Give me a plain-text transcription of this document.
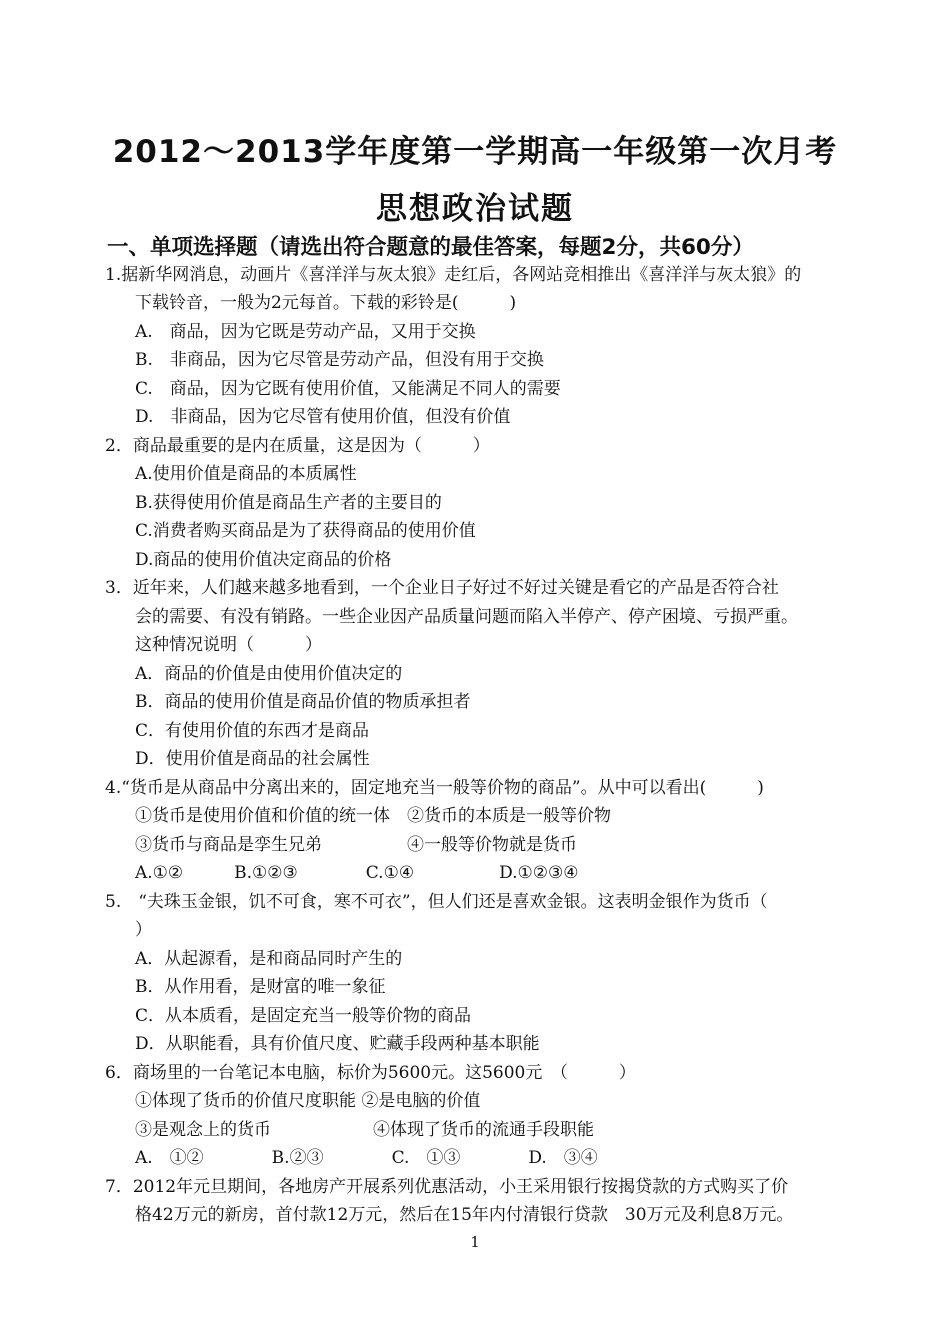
2012～2013学年度第一学期高一年级第一次月考
思想政治试题
一、单项选择题（请选出符合题意的最佳答案，每题2分，共60分）
1.据新华网消息，动画片《喜洋洋与灰太狼》走红后，各网站竞相推出《喜洋洋与灰太狼》的
下载铃音，一般为2元每首。下载的彩铃是(　　　)
A.　商品，因为它既是劳动产品，又用于交换
B.　非商品，因为它尽管是劳动产品，但没有用于交换
C.　商品，因为它既有使用价值，又能满足不同人的需要
D.　非商品，因为它尽管有使用价值，但没有价值
2．商品最重要的是内在质量，这是因为（　　　）
A.使用价值是商品的本质属性
B.获得使用价值是商品生产者的主要目的
C.消费者购买商品是为了获得商品的使用价值
D.商品的使用价值决定商品的价格
3．近年来，人们越来越多地看到，一个企业日子好过不好过关键是看它的产品是否符合社
会的需要、有没有销路。一些企业因产品质量问题而陷入半停产、停产困境、亏损严重。
这种情况说明（　　　）
A．商品的价值是由使用价值决定的
B．商品的使用价值是商品价值的物质承担者
C．有使用价值的东西才是商品
D．使用价值是商品的社会属性
4.“货币是从商品中分离出来的，固定地充当一般等价物的商品”。从中可以看出(　　　)
①货币是使用价值和价值的统一体　②货币的本质是一般等价物
③货币与商品是孪生兄弟　　　　　④一般等价物就是货币
A.①②　　　B.①②③　　　　C.①④　　　　　D.①②③④
5.　“夫珠玉金银，饥不可食，寒不可衣”，但人们还是喜欢金银。这表明金银作为货币（
）
A．从起源看，是和商品同时产生的
B．从作用看，是财富的唯一象征
C．从本质看，是固定充当一般等价物的商品
D．从职能看，具有价值尺度、贮藏手段两种基本职能
6．商场里的一台笔记本电脑，标价为5600元。这5600元　（　　　）
①体现了货币的价值尺度职能 ②是电脑的价值
③是观念上的货币　　　　　　④体现了货币的流通手段职能
A.　①②　　　　B.②③　　　　C.　①③　　　　D.　③④
7．2012年元旦期间，各地房产开展系列优惠活动，小王采用银行按揭贷款的方式购买了价
格42万元的新房，首付款12万元，然后在15年内付清银行贷款　30万元及利息8万元。
1
